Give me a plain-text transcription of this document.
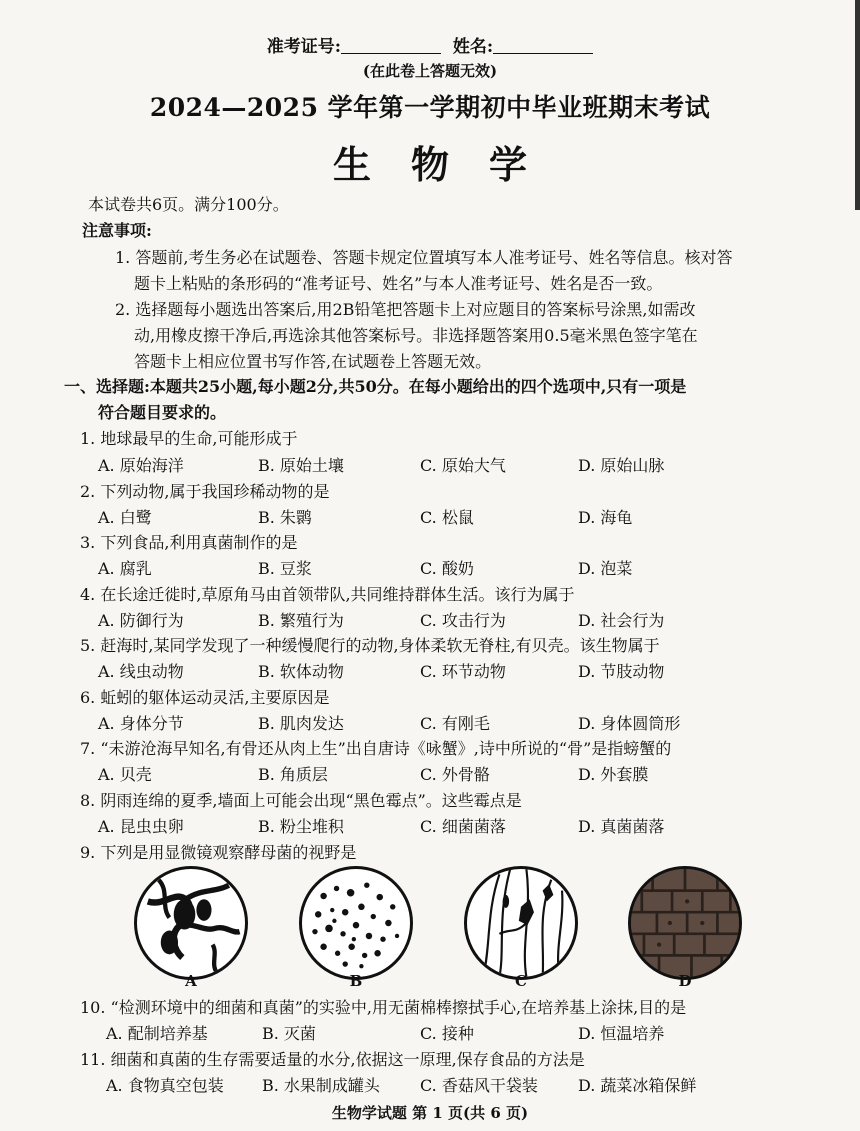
准考证号:	姓名:
(在此卷上答题无效)
2024—2025 学年第一学期初中毕业班期末考试
生物学
本试卷共6页。满分100分。
注意事项:
1. 答题前,考生务必在试题卷、答题卡规定位置填写本人准考证号、姓名等信息。核对答
题卡上粘贴的条形码的“准考证号、姓名”与本人准考证号、姓名是否一致。
2. 选择题每小题选出答案后,用2B铅笔把答题卡上对应题目的答案标号涂黑,如需改
动,用橡皮擦干净后,再选涂其他答案标号。非选择题答案用0.5毫米黑色签字笔在
答题卡上相应位置书写作答,在试题卷上答题无效。
一、选择题:本题共25小题,每小题2分,共50分。在每小题给出的四个选项中,只有一项是
符合题目要求的。
1. 地球最早的生命,可能形成于
A. 原始海洋	B. 原始土壤	C. 原始大气	D. 原始山脉
2. 下列动物,属于我国珍稀动物的是
A. 白鹭	B. 朱鹮	C. 松鼠	D. 海龟
3. 下列食品,利用真菌制作的是
A. 腐乳	B. 豆浆	C. 酸奶	D. 泡菜
4. 在长途迁徙时,草原角马由首领带队,共同维持群体生活。该行为属于
A. 防御行为	B. 繁殖行为	C. 攻击行为	D. 社会行为
5. 赶海时,某同学发现了一种缓慢爬行的动物,身体柔软无脊柱,有贝壳。该生物属于
A. 线虫动物	B. 软体动物	C. 环节动物	D. 节肢动物
6. 蚯蚓的躯体运动灵活,主要原因是
A. 身体分节	B. 肌肉发达	C. 有刚毛	D. 身体圆筒形
7. “未游沧海早知名,有骨还从肉上生”出自唐诗《咏蟹》,诗中所说的“骨”是指螃蟹的
A. 贝壳	B. 角质层	C. 外骨骼	D. 外套膜
8. 阴雨连绵的夏季,墙面上可能会出现“黑色霉点”。这些霉点是
A. 昆虫虫卵	B. 粉尘堆积	C. 细菌菌落	D. 真菌菌落
9. 下列是用显微镜观察酵母菌的视野是
A	B	C	D
10. “检测环境中的细菌和真菌”的实验中,用无菌棉棒擦拭手心,在培养基上涂抹,目的是
A. 配制培养基	B. 灭菌	C. 接种	D. 恒温培养
11. 细菌和真菌的生存需要适量的水分,依据这一原理,保存食品的方法是
A. 食物真空包装 B. 水果制成罐头	C. 香菇风干袋装	D. 蔬菜冰箱保鲜
生物学试题 第 1 页(共 6 页)
